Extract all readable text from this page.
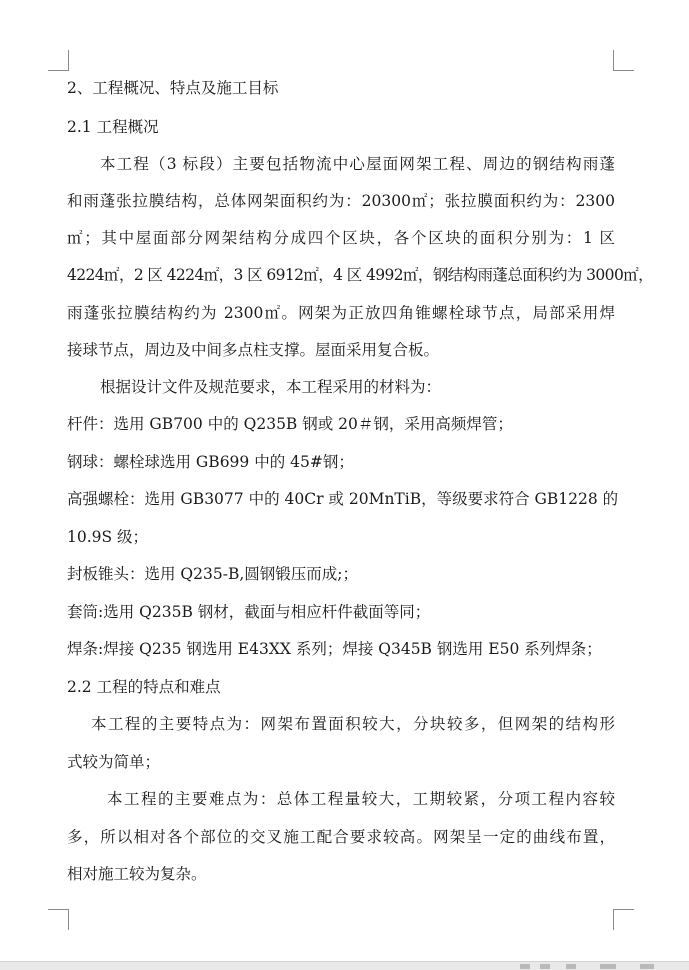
2、工程概况、特点及施工目标
2.1 工程概况
本工程（3 标段）主要包括物流中心屋面网架工程、周边的钢结构雨蓬
和雨蓬张拉膜结构，总体网架面积约为：20300㎡；张拉膜面积约为：2300
㎡；其中屋面部分网架结构分成四个区块，各个区块的面积分别为：1 区
4224㎡，2 区 4224㎡，3 区 6912㎡，4 区 4992㎡，钢结构雨蓬总面积约为 3000㎡，
雨蓬张拉膜结构约为 2300㎡。网架为正放四角锥螺栓球节点，局部采用焊
接球节点，周边及中间多点柱支撑。屋面采用复合板。
根据设计文件及规范要求，本工程采用的材料为：
杆件：选用 GB700 中的 Q235B 钢或 20＃钢，采用高频焊管；
钢球：螺栓球选用 GB699 中的 45#钢；
高强螺栓：选用 GB3077 中的 40Cr 或 20MnTiB，等级要求符合 GB1228 的
10.9S 级；
封板锥头：选用 Q235-B,圆钢锻压而成;；
套筒:选用 Q235B 钢材，截面与相应杆件截面等同；
焊条:焊接 Q235 钢选用 E43XX 系列；焊接 Q345B 钢选用 E50 系列焊条；
2.2 工程的特点和难点
本工程的主要特点为：网架布置面积较大，分块较多，但网架的结构形
式较为简单；
本工程的主要难点为：总体工程量较大，工期较紧，分项工程内容较
多，所以相对各个部位的交叉施工配合要求较高。网架呈一定的曲线布置，
相对施工较为复杂。
